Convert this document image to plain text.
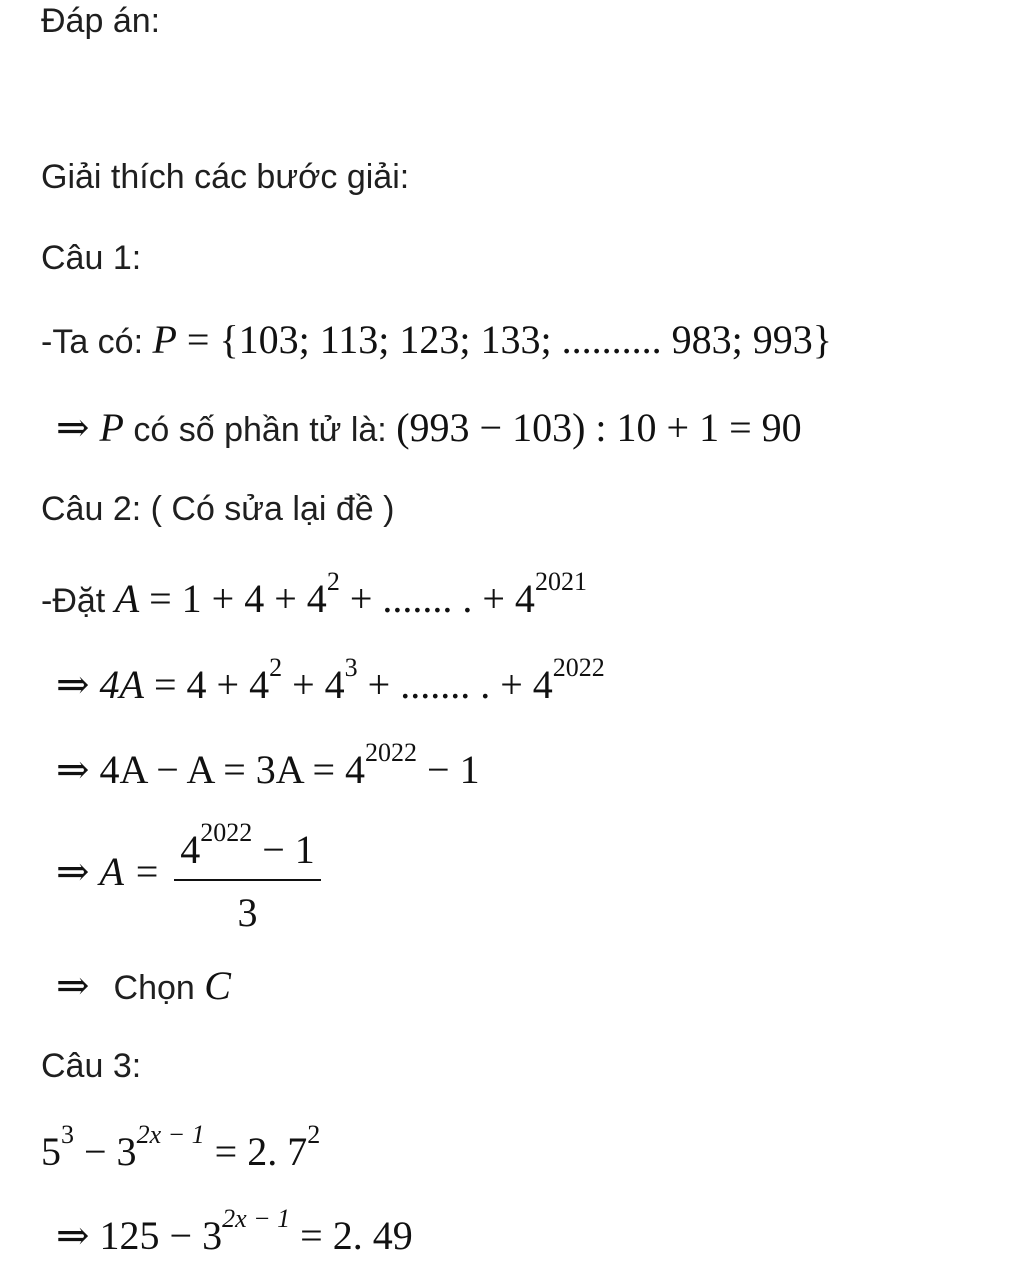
Đáp án:
Giải thích các bước giải:
Câu 1:
-Ta có: P = {103; 113; 123; 133; .......... 983; 993}
⇒ P có số phần tử là: (993 − 103) : 10 + 1 = 90
Câu 2: ( Có sửa lại đề )
-Đặt $A = 1 + 4 + 4^2$ + ....... . + $4^{2021}$
⇒ $4A = 4 + 4^2 + 4^3$ + ....... . + $4^{2022}$
⇒ $4A - A = 3A = 4^{2022} - 1$
⇒ $A = \frac{4^{2022} - 1}{3}$
⇒ Chọn C
Câu 3:
$5^3 - 3^{2x - 1} = 2$. $7^2$
⇒ $125 - 3^{2x - 1} = 2$. 49
